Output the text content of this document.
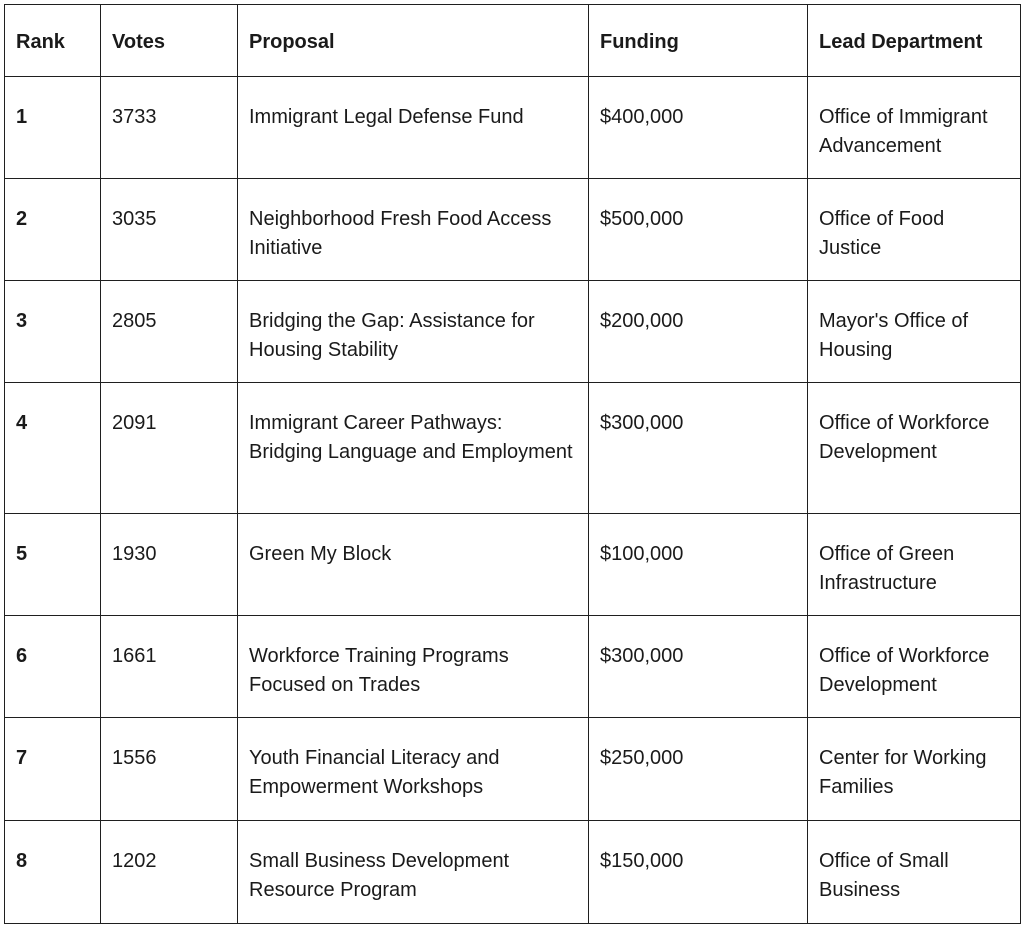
Rank	Votes	Proposal	Funding	Lead Department
1	3733	Immigrant Legal Defense Fund	$400,000	Office of Immigrant Advancement
2	3035	Neighborhood Fresh Food Access Initiative	$500,000	Office of Food Justice
3	2805	Bridging the Gap: Assistance for Housing Stability	$200,000	Mayor's Office of Housing
4	2091	Immigrant Career Pathways: Bridging Language and Employment	$300,000	Office of Workforce Development
5	1930	Green My Block	$100,000	Office of Green Infrastructure
6	1661	Workforce Training Programs Focused on Trades	$300,000	Office of Workforce Development
7	1556	Youth Financial Literacy and Empowerment Workshops	$250,000	Center for Working Families
8	1202	Small Business Development Resource Program	$150,000	Office of Small Business
